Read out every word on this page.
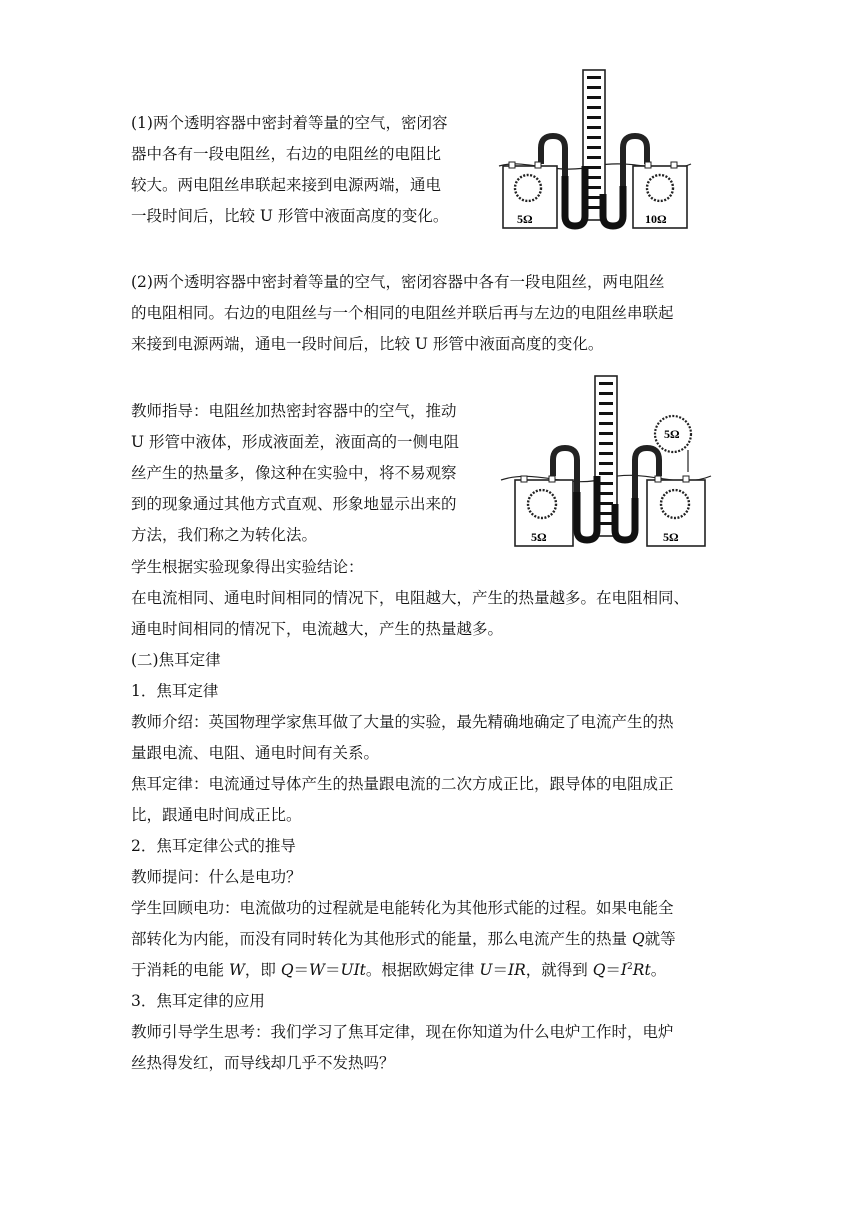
(1)两个透明容器中密封着等量的空气，密闭容
器中各有一段电阻丝，右边的电阻丝的电阻比
较大。两电阻丝串联起来接到电源两端，通电
一段时间后，比较 U 形管中液面高度的变化。	5Ω	10Ω
(2)两个透明容器中密封着等量的空气，密闭容器中各有一段电阻丝，两电阻丝
的电阻相同。右边的电阻丝与一个相同的电阻丝并联后再与左边的电阻丝串联起
来接到电源两端，通电一段时间后，比较 U 形管中液面高度的变化。
教师指导：电阻丝加热密封容器中的空气，推动
U 形管中液体，形成液面差，液面高的一侧电阻
丝产生的热量多，像这种在实验中，将不易观察
到的现象通过其他方式直观、形象地显示出来的
方法，我们称之为转化法。
5Ω
5Ω	5Ω
学生根据实验现象得出实验结论：
在电流相同、通电时间相同的情况下，电阻越大，产生的热量越多。在电阻相同、
通电时间相同的情况下，电流越大，产生的热量越多。
(二)焦耳定律
1．焦耳定律
教师介绍：英国物理学家焦耳做了大量的实验，最先精确地确定了电流产生的热
量跟电流、电阻、通电时间有关系。
焦耳定律：电流通过导体产生的热量跟电流的二次方成正比，跟导体的电阻成正
比，跟通电时间成正比。
2．焦耳定律公式的推导
教师提问：什么是电功？
学生回顾电功：电流做功的过程就是电能转化为其他形式能的过程。如果电能全
部转化为内能，而没有同时转化为其他形式的能量，那么电流产生的热量 Q就等
于消耗的电能 W，即 Q＝W＝UIt。根据欧姆定律 U＝IR，就得到 $Q=I^2Rt$。
3．焦耳定律的应用
教师引导学生思考：我们学习了焦耳定律，现在你知道为什么电炉工作时，电炉
丝热得发红，而导线却几乎不发热吗？
